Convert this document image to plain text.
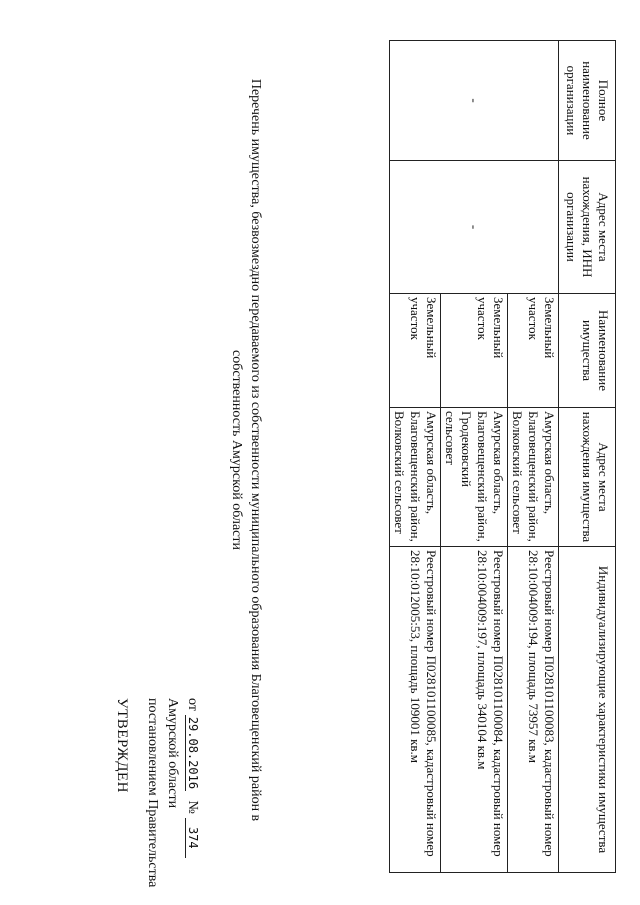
УТВЕРЖДЕН постановлением Правительства Амурской области от29.08.2016 №374
Перечень имущества, безвозмездно передаваемого из собственности муниципального образования Благовещенский район в собственность Амурской области
Полное наименование организации	Адрес места нахождения, ИНН организации	Наименование имущества	Адрес места нахождения имущества	Индивидуализирующие характеристики имущества
-	-	Земельный участок	Амурская область, Благовещенский район, Волковский сельсовет	Реестровый номер П028101100083, кадастровый номер 28:10:004009:194, площадь 73957 кв.м
		Земельный участок	Амурская область, Благовещенский район, Гродековский сельсовет	Реестровый номер П028101100084, кадастровый номер 28:10:004009:197, площадь 340104 кв.м
		Земельный участок	Амурская область, Благовещенский район, Волковский сельсовет	Реестровый номер П028101100085, кадастровый номер 28:10:012005:53, площадь 109001 кв.м
